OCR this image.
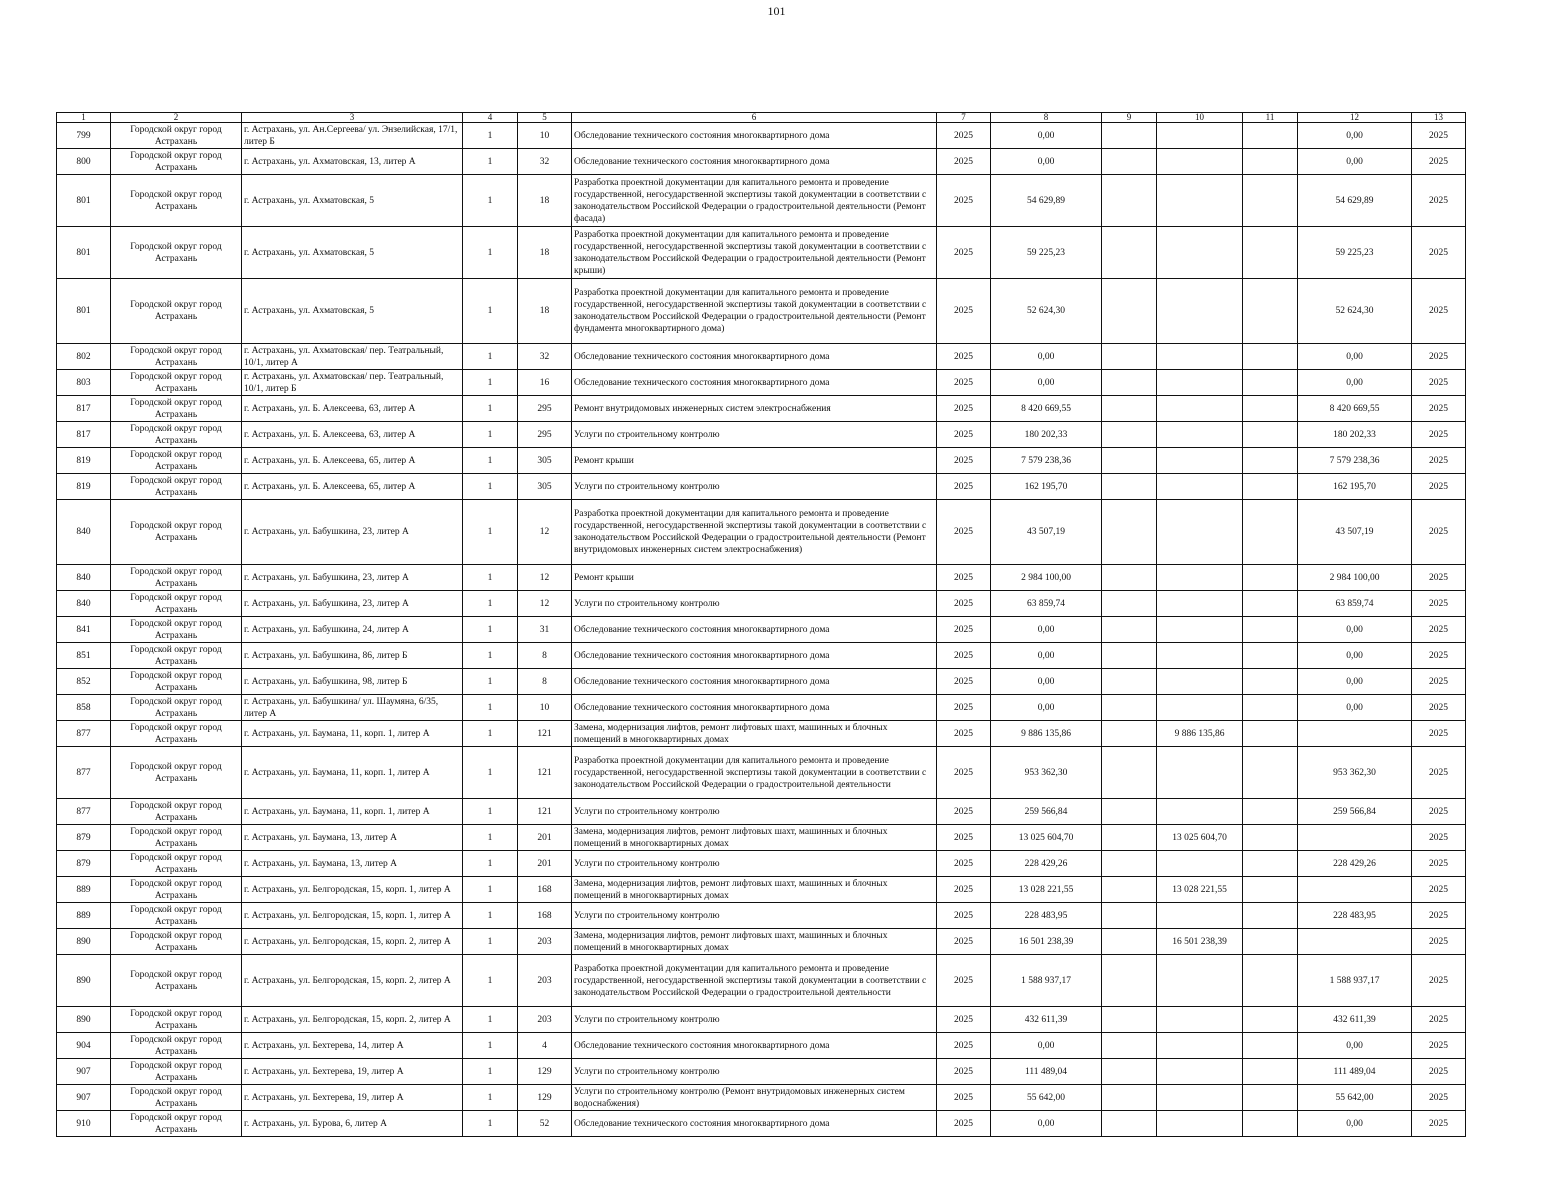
101
1	2	3	4	5	6	7	8	9	10	11	12	13
799	Городской округ город Астрахань	г. Астрахань, ул. Ан.Сергеева/ ул. Энзелийская, 17/1, литер Б	1	10	Обследование технического состояния многоквартирного дома	2025	0,00				0,00	2025
800	Городской округ город Астрахань	г. Астрахань, ул. Ахматовская, 13, литер А	1	32	Обследование технического состояния многоквартирного дома	2025	0,00				0,00	2025
801	Городской округ город Астрахань	г. Астрахань, ул. Ахматовская, 5	1	18	Разработка проектной документации для капитального ремонта и проведение государственной, негосударственной экспертизы такой документации в соответствии с законодательством Российской Федерации о градостроительной деятельности (Ремонт фасада)	2025	54 629,89				54 629,89	2025
801	Городской округ город Астрахань	г. Астрахань, ул. Ахматовская, 5	1	18	Разработка проектной документации для капитального ремонта и проведение государственной, негосударственной экспертизы такой документации в соответствии с законодательством Российской Федерации о градостроительной деятельности (Ремонт крыши)	2025	59 225,23				59 225,23	2025
801	Городской округ город Астрахань	г. Астрахань, ул. Ахматовская, 5	1	18	Разработка проектной документации для капитального ремонта и проведение государственной, негосударственной экспертизы такой документации в соответствии с законодательством Российской Федерации о градостроительной деятельности (Ремонт фундамента многоквартирного дома)	2025	52 624,30				52 624,30	2025
802	Городской округ город Астрахань	г. Астрахань, ул. Ахматовская/ пер. Театральный, 10/1, литер А	1	32	Обследование технического состояния многоквартирного дома	2025	0,00				0,00	2025
803	Городской округ город Астрахань	г. Астрахань, ул. Ахматовская/ пер. Театральный, 10/1, литер Б	1	16	Обследование технического состояния многоквартирного дома	2025	0,00				0,00	2025
817	Городской округ город Астрахань	г. Астрахань, ул. Б. Алексеева, 63, литер А	1	295	Ремонт внутридомовых инженерных систем электроснабжения	2025	8 420 669,55				8 420 669,55	2025
817	Городской округ город Астрахань	г. Астрахань, ул. Б. Алексеева, 63, литер А	1	295	Услуги по строительному контролю	2025	180 202,33				180 202,33	2025
819	Городской округ город Астрахань	г. Астрахань, ул. Б. Алексеева, 65, литер А	1	305	Ремонт крыши	2025	7 579 238,36				7 579 238,36	2025
819	Городской округ город Астрахань	г. Астрахань, ул. Б. Алексеева, 65, литер А	1	305	Услуги по строительному контролю	2025	162 195,70				162 195,70	2025
840	Городской округ город Астрахань	г. Астрахань, ул. Бабушкина, 23, литер А	1	12	Разработка проектной документации для капитального ремонта и проведение государственной, негосударственной экспертизы такой документации в соответствии с законодательством Российской Федерации о градостроительной деятельности (Ремонт внутридомовых инженерных систем электроснабжения)	2025	43 507,19				43 507,19	2025
840	Городской округ город Астрахань	г. Астрахань, ул. Бабушкина, 23, литер А	1	12	Ремонт крыши	2025	2 984 100,00				2 984 100,00	2025
840	Городской округ город Астрахань	г. Астрахань, ул. Бабушкина, 23, литер А	1	12	Услуги по строительному контролю	2025	63 859,74				63 859,74	2025
841	Городской округ город Астрахань	г. Астрахань, ул. Бабушкина, 24, литер А	1	31	Обследование технического состояния многоквартирного дома	2025	0,00				0,00	2025
851	Городской округ город Астрахань	г. Астрахань, ул. Бабушкина, 86, литер Б	1	8	Обследование технического состояния многоквартирного дома	2025	0,00				0,00	2025
852	Городской округ город Астрахань	г. Астрахань, ул. Бабушкина, 98, литер Б	1	8	Обследование технического состояния многоквартирного дома	2025	0,00				0,00	2025
858	Городской округ город Астрахань	г. Астрахань, ул. Бабушкина/ ул. Шаумяна, 6/35, литер А	1	10	Обследование технического состояния многоквартирного дома	2025	0,00				0,00	2025
877	Городской округ город Астрахань	г. Астрахань, ул. Баумана, 11, корп. 1, литер А	1	121	Замена, модернизация лифтов, ремонт лифтовых шахт, машинных и блочных помещений в многоквартирных домах	2025	9 886 135,86		9 886 135,86			2025
877	Городской округ город Астрахань	г. Астрахань, ул. Баумана, 11, корп. 1, литер А	1	121	Разработка проектной документации для капитального ремонта и проведение государственной, негосударственной экспертизы такой документации в соответствии с законодательством Российской Федерации о градостроительной деятельности	2025	953 362,30				953 362,30	2025
877	Городской округ город Астрахань	г. Астрахань, ул. Баумана, 11, корп. 1, литер А	1	121	Услуги по строительному контролю	2025	259 566,84				259 566,84	2025
879	Городской округ город Астрахань	г. Астрахань, ул. Баумана, 13, литер А	1	201	Замена, модернизация лифтов, ремонт лифтовых шахт, машинных и блочных помещений в многоквартирных домах	2025	13 025 604,70		13 025 604,70			2025
879	Городской округ город Астрахань	г. Астрахань, ул. Баумана, 13, литер А	1	201	Услуги по строительному контролю	2025	228 429,26				228 429,26	2025
889	Городской округ город Астрахань	г. Астрахань, ул. Белгородская, 15, корп. 1, литер А	1	168	Замена, модернизация лифтов, ремонт лифтовых шахт, машинных и блочных помещений в многоквартирных домах	2025	13 028 221,55		13 028 221,55			2025
889	Городской округ город Астрахань	г. Астрахань, ул. Белгородская, 15, корп. 1, литер А	1	168	Услуги по строительному контролю	2025	228 483,95				228 483,95	2025
890	Городской округ город Астрахань	г. Астрахань, ул. Белгородская, 15, корп. 2, литер А	1	203	Замена, модернизация лифтов, ремонт лифтовых шахт, машинных и блочных помещений в многоквартирных домах	2025	16 501 238,39		16 501 238,39			2025
890	Городской округ город Астрахань	г. Астрахань, ул. Белгородская, 15, корп. 2, литер А	1	203	Разработка проектной документации для капитального ремонта и проведение государственной, негосударственной экспертизы такой документации в соответствии с законодательством Российской Федерации о градостроительной деятельности	2025	1 588 937,17				1 588 937,17	2025
890	Городской округ город Астрахань	г. Астрахань, ул. Белгородская, 15, корп. 2, литер А	1	203	Услуги по строительному контролю	2025	432 611,39				432 611,39	2025
904	Городской округ город Астрахань	г. Астрахань, ул. Бехтерева, 14, литер А	1	4	Обследование технического состояния многоквартирного дома	2025	0,00				0,00	2025
907	Городской округ город Астрахань	г. Астрахань, ул. Бехтерева, 19, литер А	1	129	Услуги по строительному контролю	2025	111 489,04				111 489,04	2025
907	Городской округ город Астрахань	г. Астрахань, ул. Бехтерева, 19, литер А	1	129	Услуги по строительному контролю (Ремонт внутридомовых инженерных систем водоснабжения)	2025	55 642,00				55 642,00	2025
910	Городской округ город Астрахань	г. Астрахань, ул. Бурова, 6, литер А	1	52	Обследование технического состояния многоквартирного дома	2025	0,00				0,00	2025
